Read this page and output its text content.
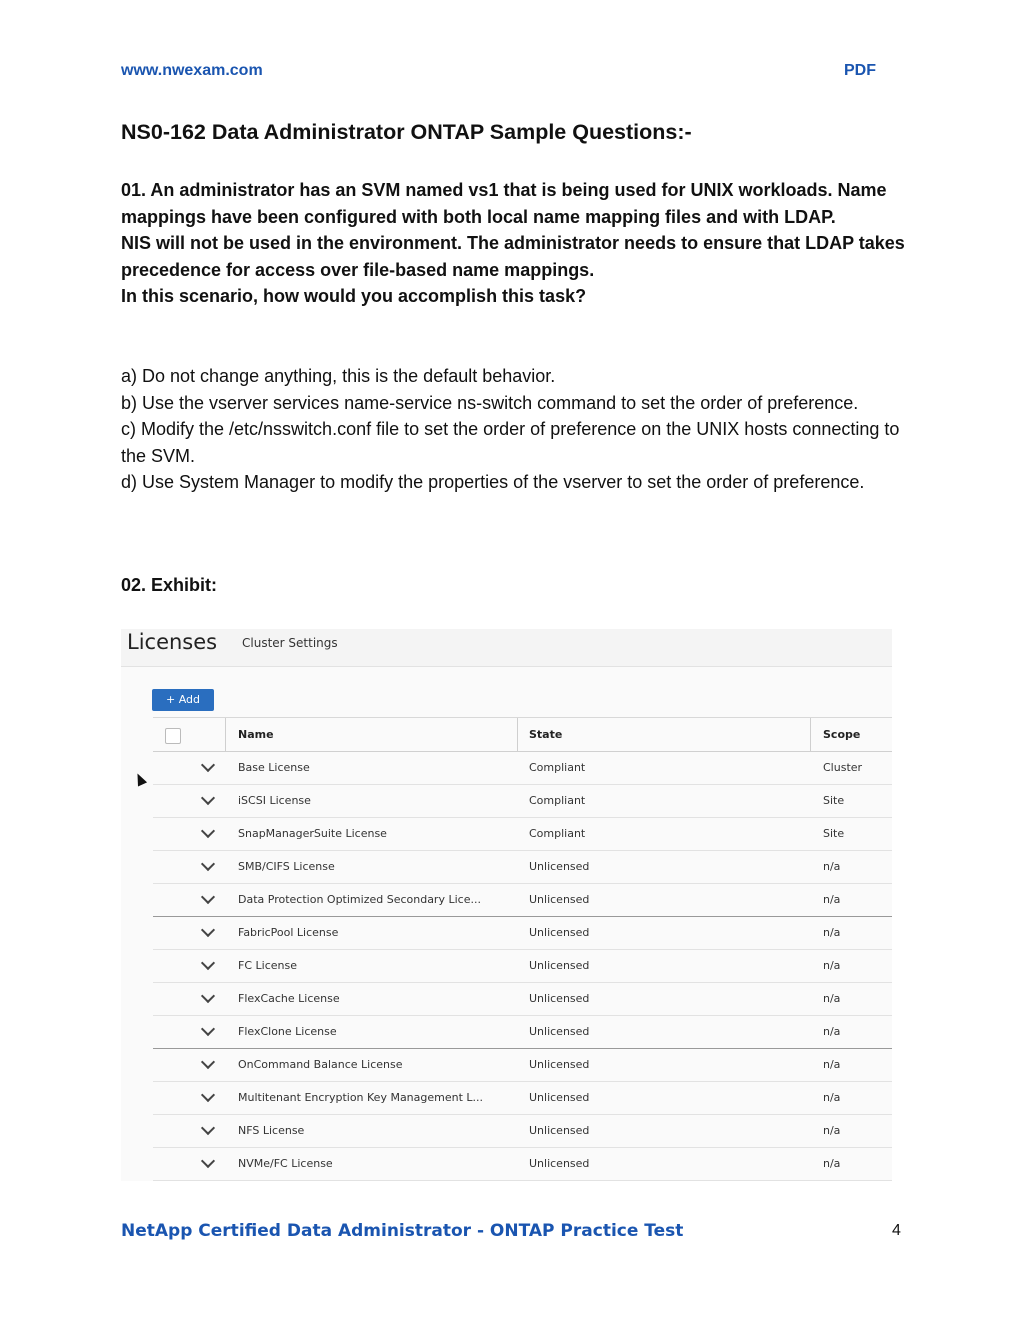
www.nwexam.com	PDF
NS0-162 Data Administrator ONTAP Sample Questions:-
01. An administrator has an SVM named vs1 that is being used for UNIX workloads. Name mappings have been configured with both local name mapping files and with LDAP.
NIS will not be used in the environment. The administrator needs to ensure that LDAP takes precedence for access over file-based name mappings.
In this scenario, how would you accomplish this task?
a) Do not change anything, this is the default behavior.
b) Use the vserver services name-service ns-switch command to set the order of preference.
c) Modify the /etc/nsswitch.conf file to set the order of preference on the UNIX hosts connecting to the SVM.
d) Use System Manager to modify the properties of the vserver to set the order of preference.
02. Exhibit:
Licenses Cluster Settings
+ Add
Name	State	Scope
Base License	Compliant	Cluster
iSCSI License	Compliant	Site
SnapManagerSuite License	Compliant	Site
SMB/CIFS License	Unlicensed	n/a
Data Protection Optimized Secondary Lice...	Unlicensed	n/a
FabricPool License	Unlicensed	n/a
FC License	Unlicensed	n/a
FlexCache License	Unlicensed	n/a
FlexClone License	Unlicensed	n/a
OnCommand Balance License	Unlicensed	n/a
Multitenant Encryption Key Management L...	Unlicensed	n/a
NFS License	Unlicensed	n/a
NVMe/FC License	Unlicensed	n/a
NetApp Certified Data Administrator - ONTAP Practice Test	4
